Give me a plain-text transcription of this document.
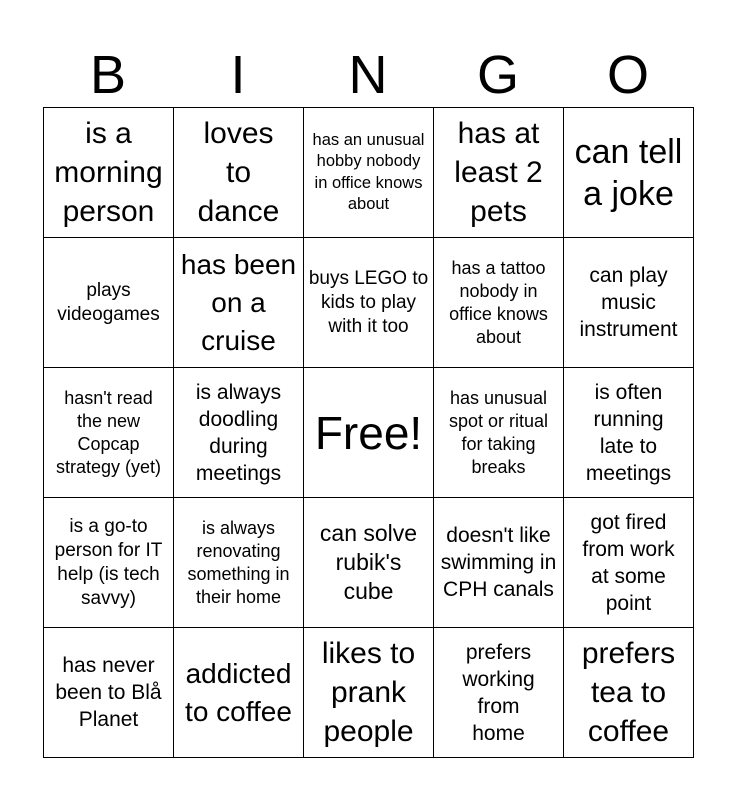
B	I	N	G	O
is a morning person	loves to dance	has an unusual hobby nobody in office knows about	has at least 2 pets	can tell a joke

plays videogames	has been on a cruise	buys LEGO to kids to play with it too	has a tattoo nobody in office knows about	can play music instrument

hasn't read the new Copcap strategy (yet)	is always doodling during meetings	Free!	has unusual spot or ritual for taking breaks	is often running late to meetings

is a go-to person for IT help (is tech savvy)	is always renovating something in their home	can solve rubik's cube	doesn't like swimming in CPH canals	got fired from work at some point

has never been to Blå Planet	addicted to coffee	likes to prank people	prefers working from home	prefers tea to coffee
